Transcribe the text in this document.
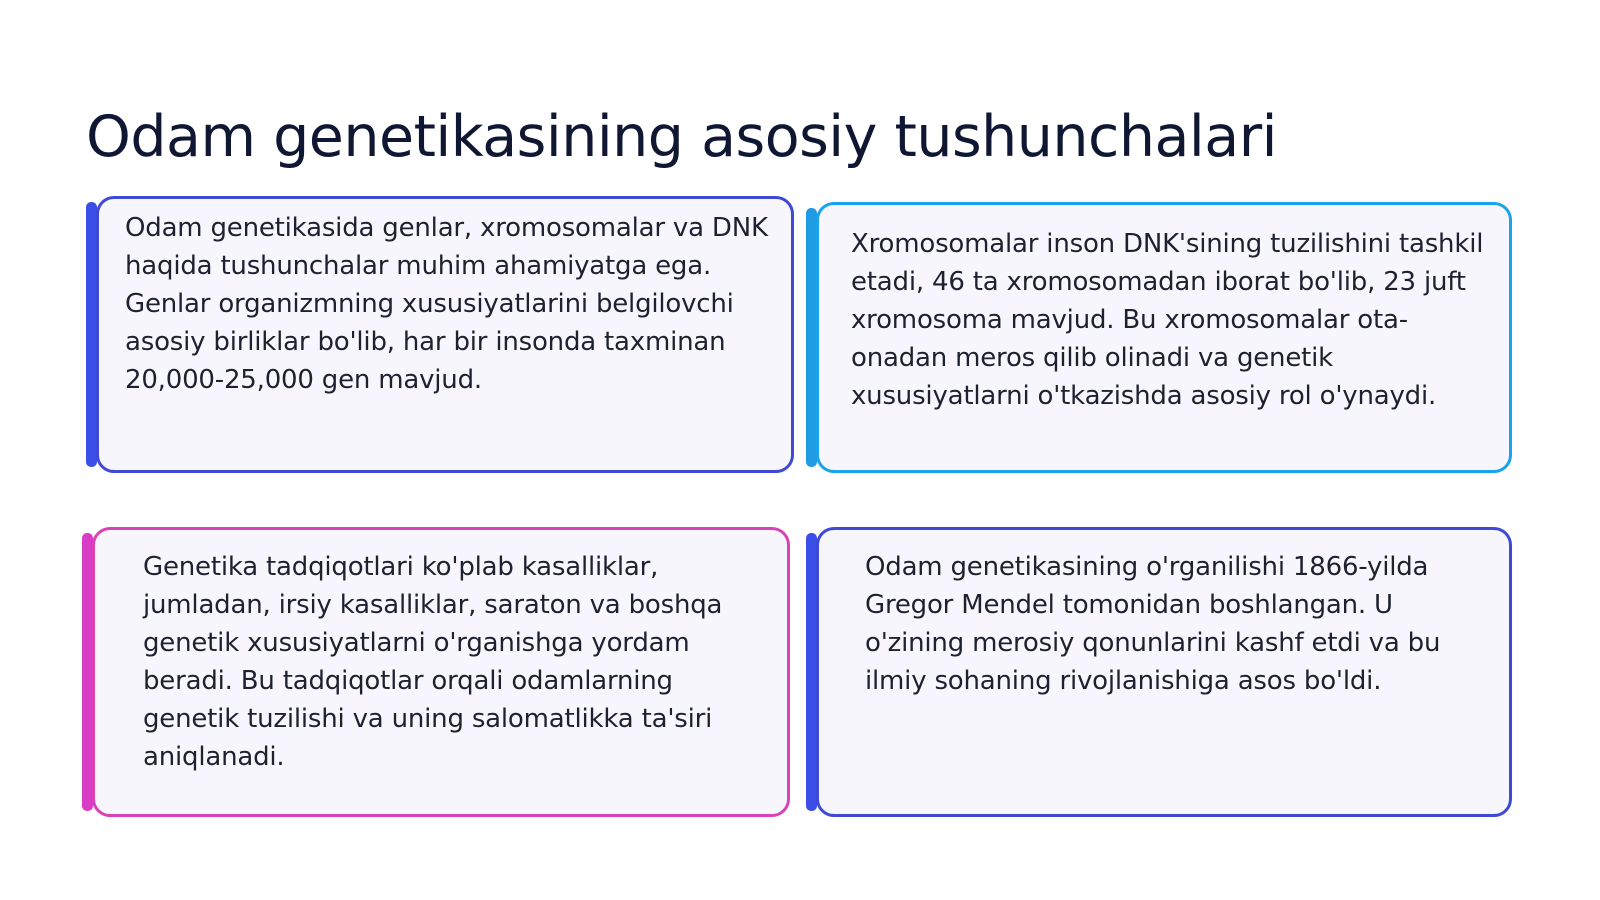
Odam genetikasining asosiy tushunchalari

Odam genetikasida genlar, xromosomalar va DNK haqida tushunchalar muhim ahamiyatga ega. Genlar organizmning xususiyatlarini belgilovchi asosiy birliklar bo'lib, har bir insonda taxminan 20,000-25,000 gen mavjud.

Xromosomalar inson DNK'sining tuzilishini tashkil etadi, 46 ta xromosomadan iborat bo'lib, 23 juft xromosoma mavjud. Bu xromosomalar ota-onadan meros qilib olinadi va genetik xususiyatlarni o'tkazishda asosiy rol o'ynaydi.

Genetika tadqiqotlari ko'plab kasalliklar, jumladan, irsiy kasalliklar, saraton va boshqa genetik xususiyatlarni o'rganishga yordam beradi. Bu tadqiqotlar orqali odamlarning genetik tuzilishi va uning salomatlikka ta'siri aniqlanadi.

Odam genetikasining o'rganilishi 1866-yilda Gregor Mendel tomonidan boshlangan. U o'zining merosiy qonunlarini kashf etdi va bu ilmiy sohaning rivojlanishiga asos bo'ldi.
